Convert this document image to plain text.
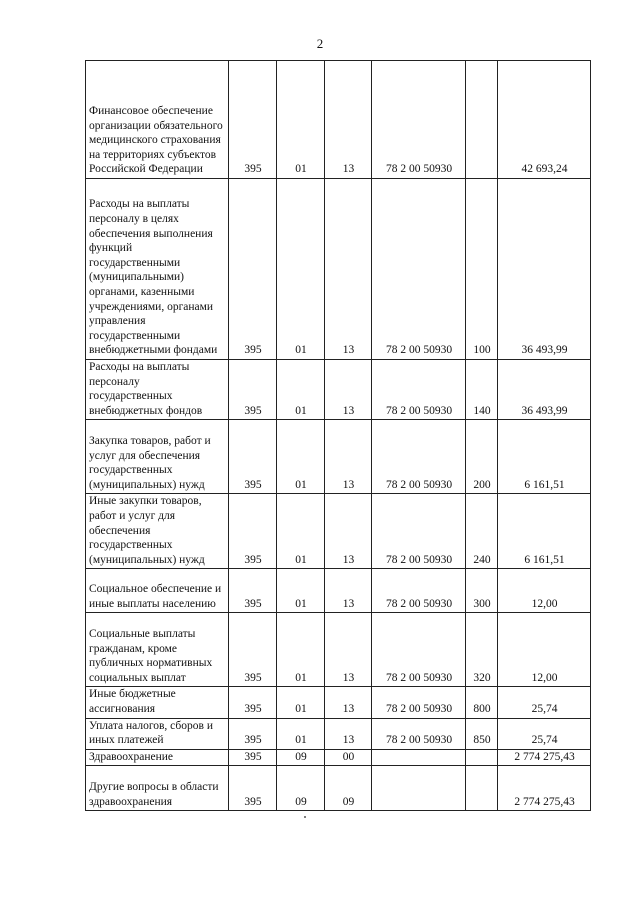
2
Финансовое обеспечение организации обязательного медицинского страхования на территориях субъектов Российской Федерации	395	01	13	78 2 00 50930		42 693,24
Расходы на выплаты персоналу в целях обеспечения выполнения функций государственными (муниципальными) органами, казенными учреждениями, органами управления государственными внебюджетными фондами	395	01	13	78 2 00 50930	100	36 493,99
Расходы на выплаты персоналу государственных внебюджетных фондов	395	01	13	78 2 00 50930	140	36 493,99
Закупка товаров, работ и услуг для обеспечения государственных (муниципальных) нужд	395	01	13	78 2 00 50930	200	6 161,51
Иные закупки товаров, работ и услуг для обеспечения государственных (муниципальных) нужд	395	01	13	78 2 00 50930	240	6 161,51
Социальное обеспечение и иные выплаты населению	395	01	13	78 2 00 50930	300	12,00
Социальные выплаты гражданам, кроме публичных нормативных социальных выплат	395	01	13	78 2 00 50930	320	12,00
Иные бюджетные ассигнования	395	01	13	78 2 00 50930	800	25,74
Уплата налогов, сборов и иных платежей	395	01	13	78 2 00 50930	850	25,74
Здравоохранение	395	09	00			2 774 275,43
Другие вопросы в области здравоохранения	395	09	09			2 774 275,43
